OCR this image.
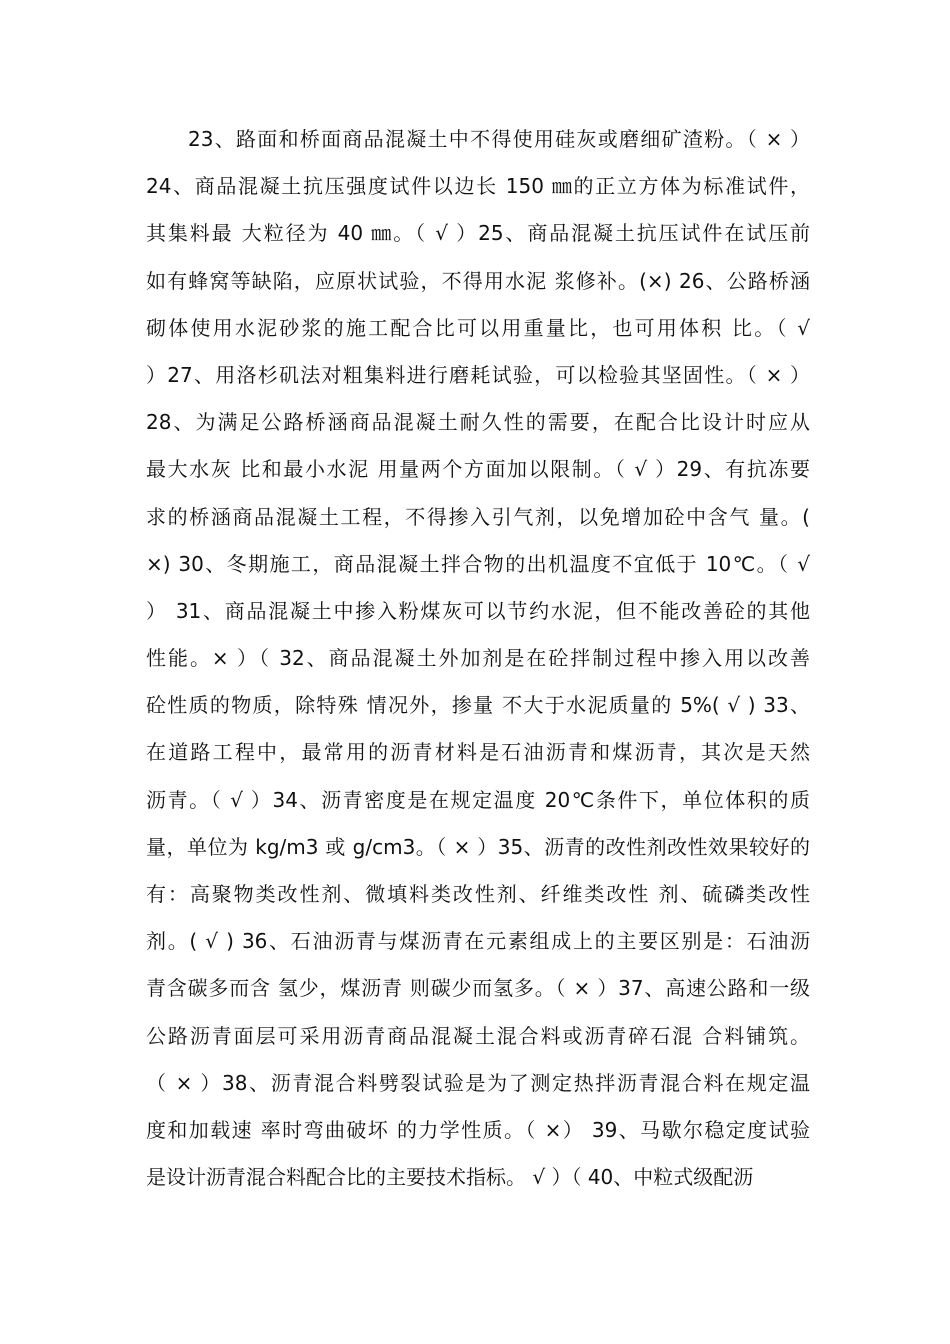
23、路面和桥面商品混凝土中不得使用硅灰或磨细矿渣粉。（ × ）
24、商品混凝土抗压强度试件以边长 150 ㎜的正立方体为标准试件，
其集料最 大粒径为 40 ㎜。（ √ ）25、商品混凝土抗压试件在试压前
如有蜂窝等缺陷，应原状试验，不得用水泥 浆修补。(×) 26、公路桥涵
砌体使用水泥砂浆的施工配合比可以用重量比，也可用体积 比。（ √
）27、用洛杉矶法对粗集料进行磨耗试验，可以检验其坚固性。（ × ）
28、为满足公路桥涵商品混凝土耐久性的需要，在配合比设计时应从
最大水灰 比和最小水泥 用量两个方面加以限制。（ √ ）29、有抗冻要
求的桥涵商品混凝土工程，不得掺入引气剂，以免增加砼中含气 量。(
×) 30、冬期施工，商品混凝土拌合物的出机温度不宜低于 10℃。（ √
） 31、商品混凝土中掺入粉煤灰可以节约水泥，但不能改善砼的其他
性能。× ）（ 32、商品混凝土外加剂是在砼拌制过程中掺入用以改善
砼性质的物质，除特殊 情况外，掺量 不大于水泥质量的 5%( √ ) 33、
在道路工程中，最常用的沥青材料是石油沥青和煤沥青，其次是天然
沥青。（ √ ）34、沥青密度是在规定温度 20℃条件下，单位体积的质
量，单位为 kg/m3 或 g/cm3。（ × ）35、沥青的改性剂改性效果较好的
有：高聚物类改性剂、微填料类改性剂、纤维类改性 剂、硫磷类改性
剂。( √ ) 36、石油沥青与煤沥青在元素组成上的主要区别是：石油沥
青含碳多而含 氢少，煤沥青 则碳少而氢多。（ × ）37、高速公路和一级
公路沥青面层可采用沥青商品混凝土混合料或沥青碎石混 合料铺筑。
（ × ）38、沥青混合料劈裂试验是为了测定热拌沥青混合料在规定温
度和加载速 率时弯曲破坏 的力学性质。（ ×） 39、马歇尔稳定度试验
是设计沥青混合料配合比的主要技术指标。 √ ）（ 40、中粒式级配沥
